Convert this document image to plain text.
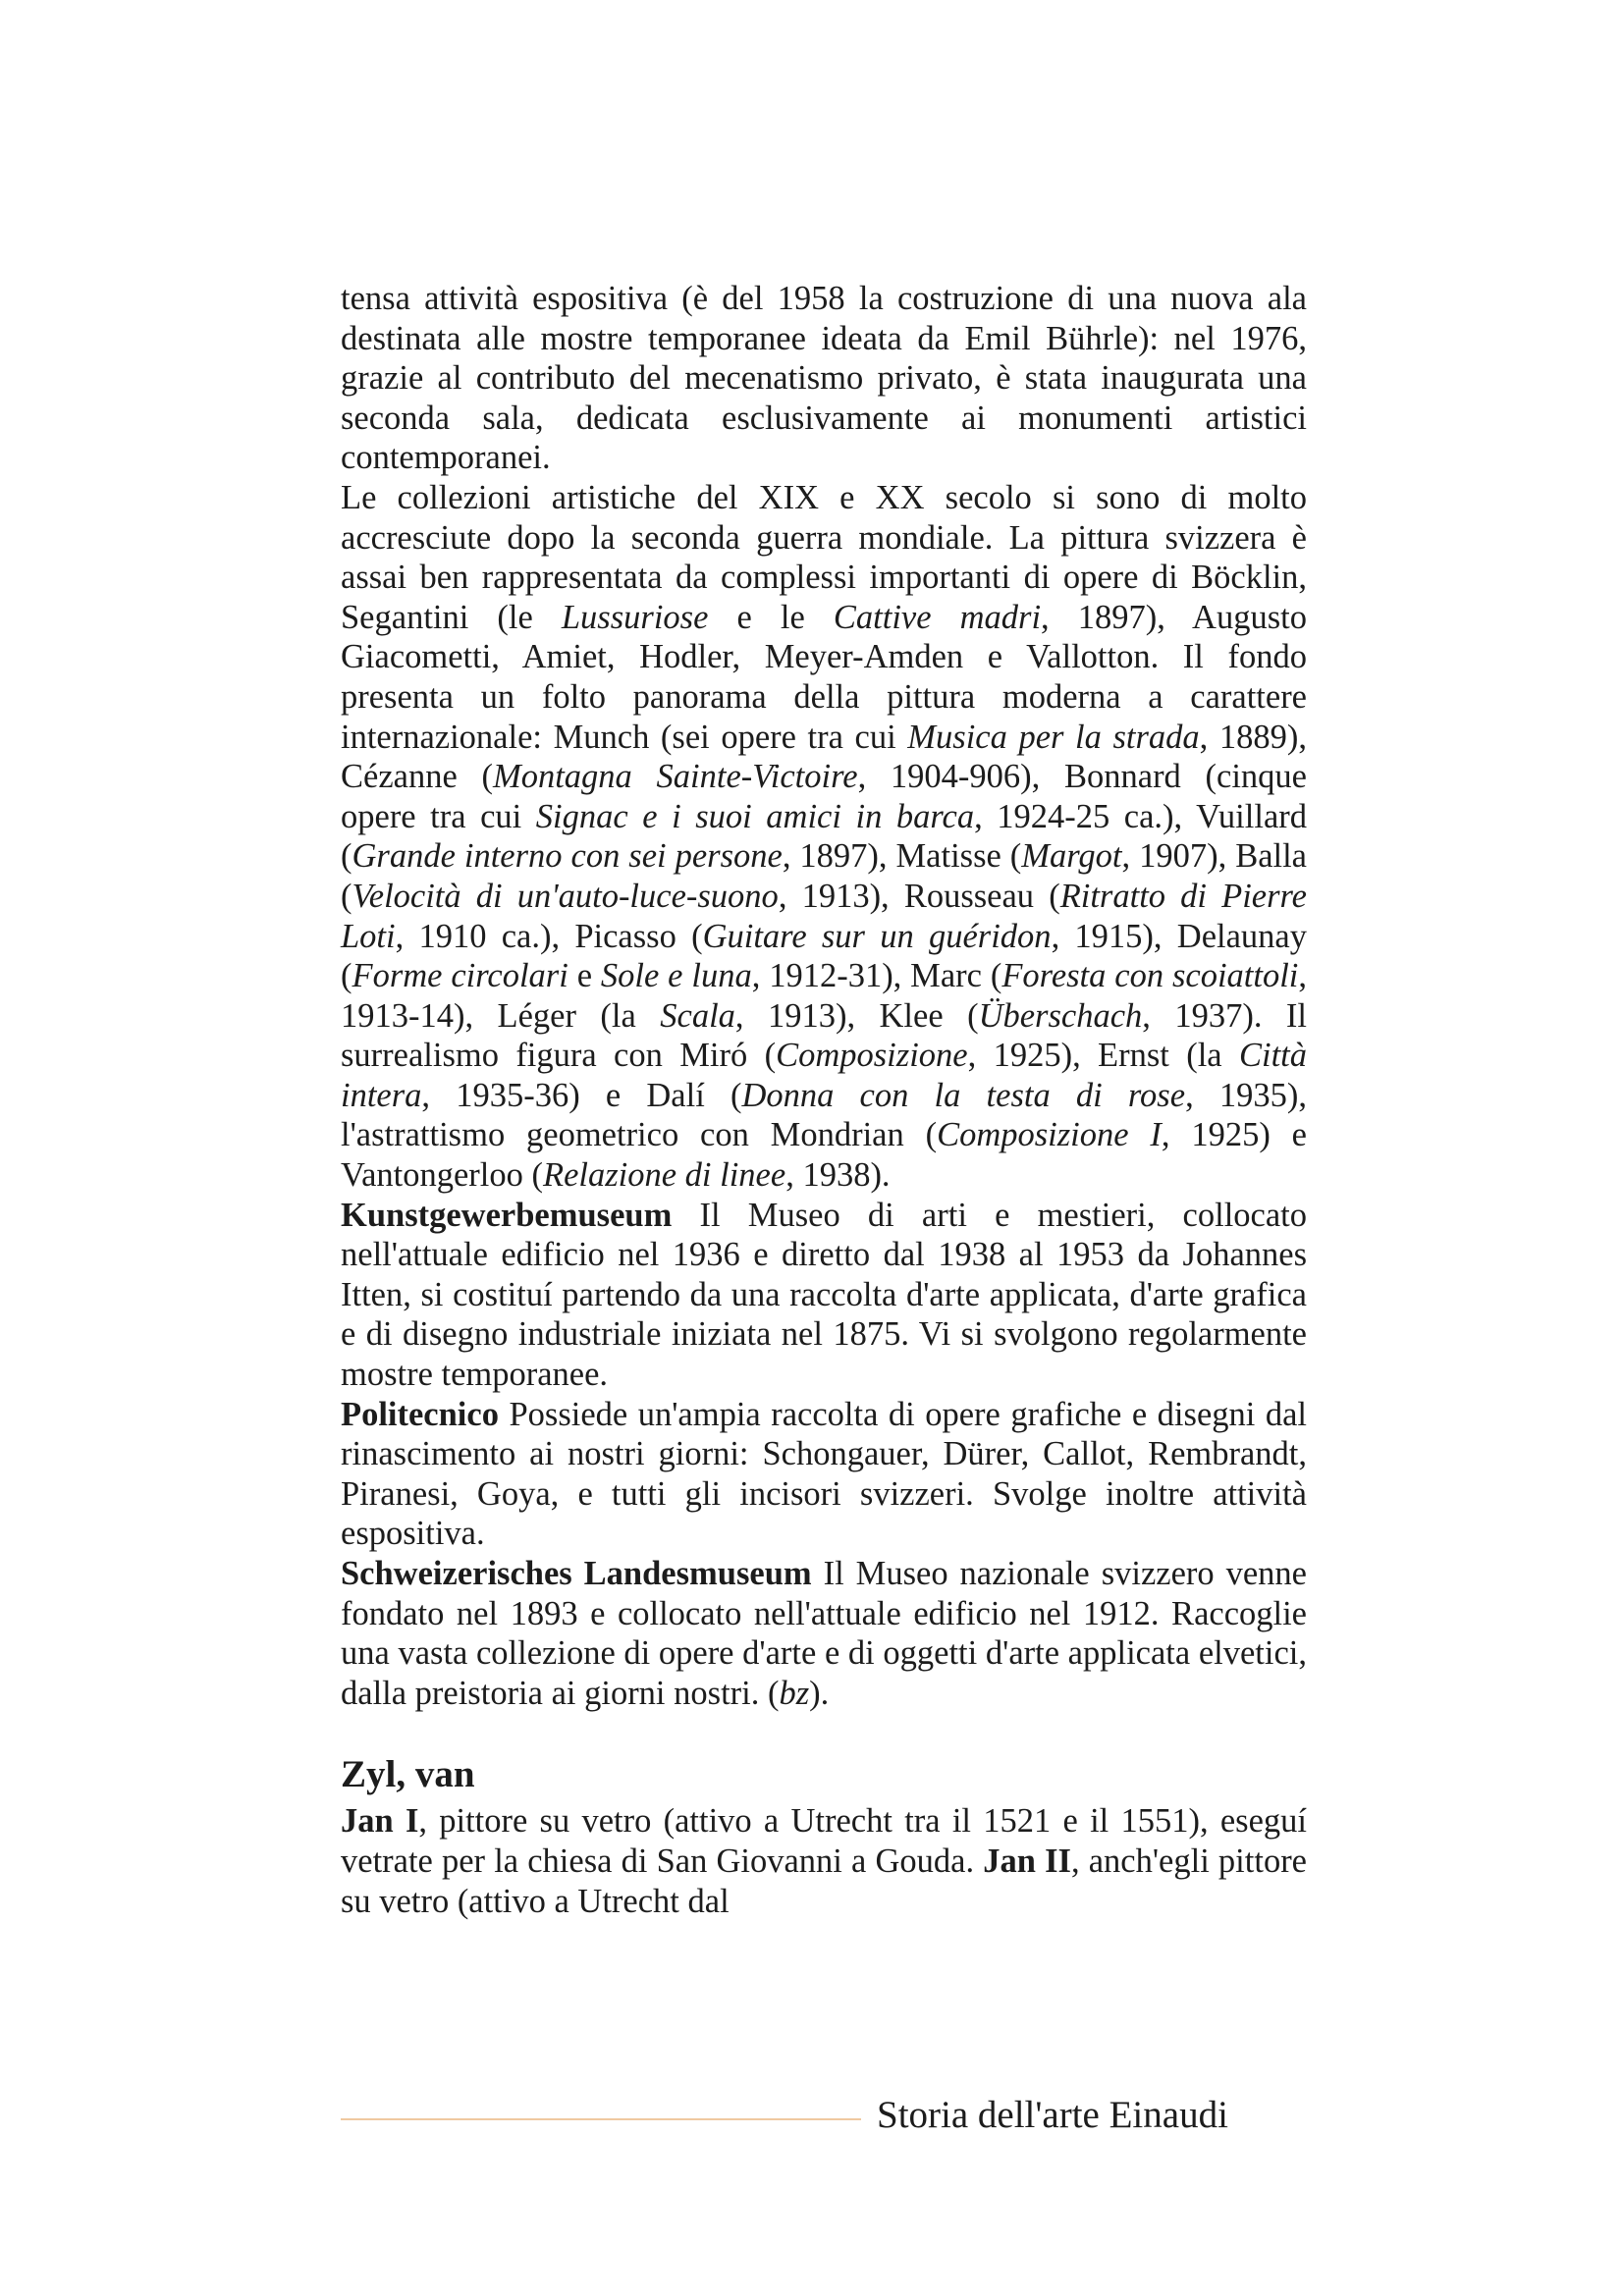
tensa attività espositiva (è del 1958 la costruzione di una nuova ala destinata alle mostre temporanee ideata da Emil Bührle): nel 1976, grazie al contributo del mecenatismo privato, è stata inaugurata una seconda sala, dedicata esclusivamente ai monumenti artistici contemporanei.

Le collezioni artistiche del XIX e XX secolo si sono di molto accresciute dopo la seconda guerra mondiale. La pittura svizzera è assai ben rappresentata da complessi importanti di opere di Böcklin, Segantini (le Lussuriose e le Cattive madri, 1897), Augusto Giacometti, Amiet, Hodler, Meyer-Amden e Vallotton. Il fondo presenta un folto panorama della pittura moderna a carattere internazionale: Munch (sei opere tra cui Musica per la strada, 1889), Cézanne (Montagna Sainte-Victoire, 1904-906), Bonnard (cinque opere tra cui Signac e i suoi amici in barca, 1924-25 ca.), Vuillard (Grande interno con sei persone, 1897), Matisse (Margot, 1907), Balla (Velocità di un'auto-luce-suono, 1913), Rousseau (Ritratto di Pierre Loti, 1910 ca.), Picasso (Guitare sur un guéridon, 1915), Delaunay (Forme circolari e Sole e luna, 1912-31), Marc (Foresta con scoiattoli, 1913-14), Léger (la Scala, 1913), Klee (Überschach, 1937). Il surrealismo figura con Miró (Composizione, 1925), Ernst (la Città intera, 1935-36) e Dalí (Donna con la testa di rose, 1935), l'astrattismo geometrico con Mondrian (Composizione I, 1925) e Vantongerloo (Relazione di linee, 1938).

Kunstgewerbemuseum Il Museo di arti e mestieri, collocato nell'attuale edificio nel 1936 e diretto dal 1938 al 1953 da Johannes Itten, si costituí partendo da una raccolta d'arte applicata, d'arte grafica e di disegno industriale iniziata nel 1875. Vi si svolgono regolarmente mostre temporanee.

Politecnico Possiede un'ampia raccolta di opere grafiche e disegni dal rinascimento ai nostri giorni: Schongauer, Dürer, Callot, Rembrandt, Piranesi, Goya, e tutti gli incisori svizzeri. Svolge inoltre attività espositiva.

Schweizerisches Landesmuseum Il Museo nazionale svizzero venne fondato nel 1893 e collocato nell'attuale edificio nel 1912. Raccoglie una vasta collezione di opere d'arte e di oggetti d'arte applicata elvetici, dalla preistoria ai giorni nostri. (bz).

Zyl, van

Jan I, pittore su vetro (attivo a Utrecht tra il 1521 e il 1551), eseguí vetrate per la chiesa di San Giovanni a Gouda. Jan II, anch'egli pittore su vetro (attivo a Utrecht dal

Storia dell'arte Einaudi
